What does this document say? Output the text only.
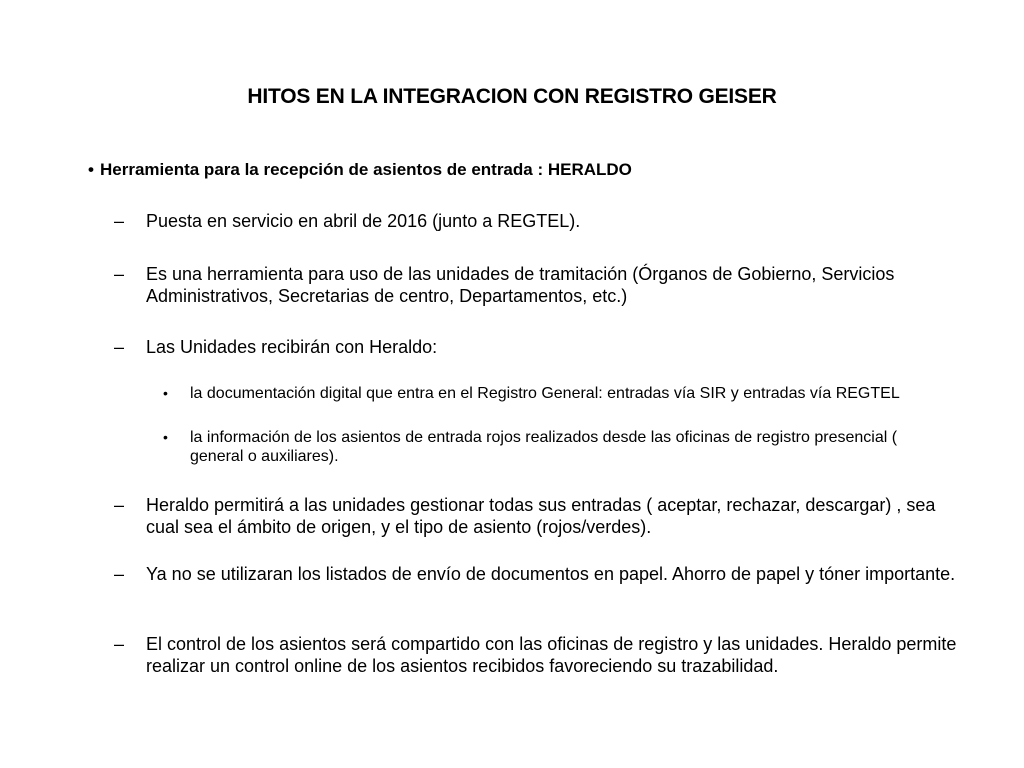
HITOS EN LA INTEGRACION CON REGISTRO GEISER
• Herramienta para la recepción de asientos de entrada : HERALDO
–	Puesta en servicio en abril de 2016 (junto a REGTEL).
–	Es una herramienta para uso de las unidades de tramitación (Órganos de Gobierno, Servicios Administrativos, Secretarias de centro, Departamentos, etc.)
–	Las Unidades recibirán con Heraldo:
•	la documentación digital que entra en el Registro General: entradas vía SIR y entradas vía REGTEL
•	la información de los asientos de entrada rojos realizados desde las oficinas de registro presencial ( general o auxiliares).
–	Heraldo permitirá a las unidades gestionar todas sus entradas ( aceptar, rechazar, descargar) , sea cual sea el ámbito de origen, y el tipo de asiento (rojos/verdes).
–	Ya no se utilizaran los listados de envío de documentos en papel. Ahorro de papel y tóner importante.
–	El control de los asientos será compartido con las oficinas de registro y las unidades. Heraldo permite realizar un control online de los asientos recibidos favoreciendo su trazabilidad.
